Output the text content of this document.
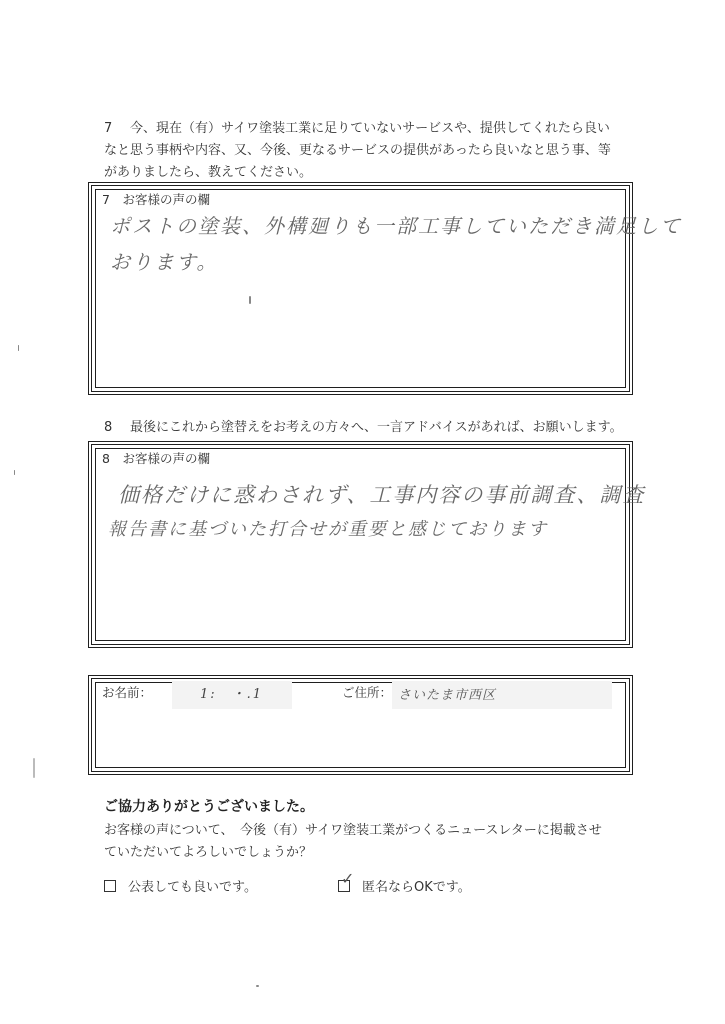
7 今、現在（有）サイワ塗装工業に足りていないサービスや、提供してくれたら良い
なと思う事柄や内容、又、今後、更なるサービスの提供があったら良いなと思う事、等
がありましたら、教えてください。
7　お客様の声の欄
ポストの塗装、外構廻りも一部工事していただき満足して
おります。
8 最後にこれから塗替えをお考えの方々へ、一言アドバイスがあれば、お願いします。
8　お客様の声の欄
価格だけに惑わされず、工事内容の事前調査、調査
報告書に基づいた打合せが重要と感じております
お名前：	1:　・.1	ご住所： さいたま市西区
ご協力ありがとうございました。
お客様の声について、　今後（有）サイワ塗装工業がつくるニュースレターに掲載させ
ていただいてよろしいでしょうか？
公表しても良いです。	✓ 匿名ならOKです。
